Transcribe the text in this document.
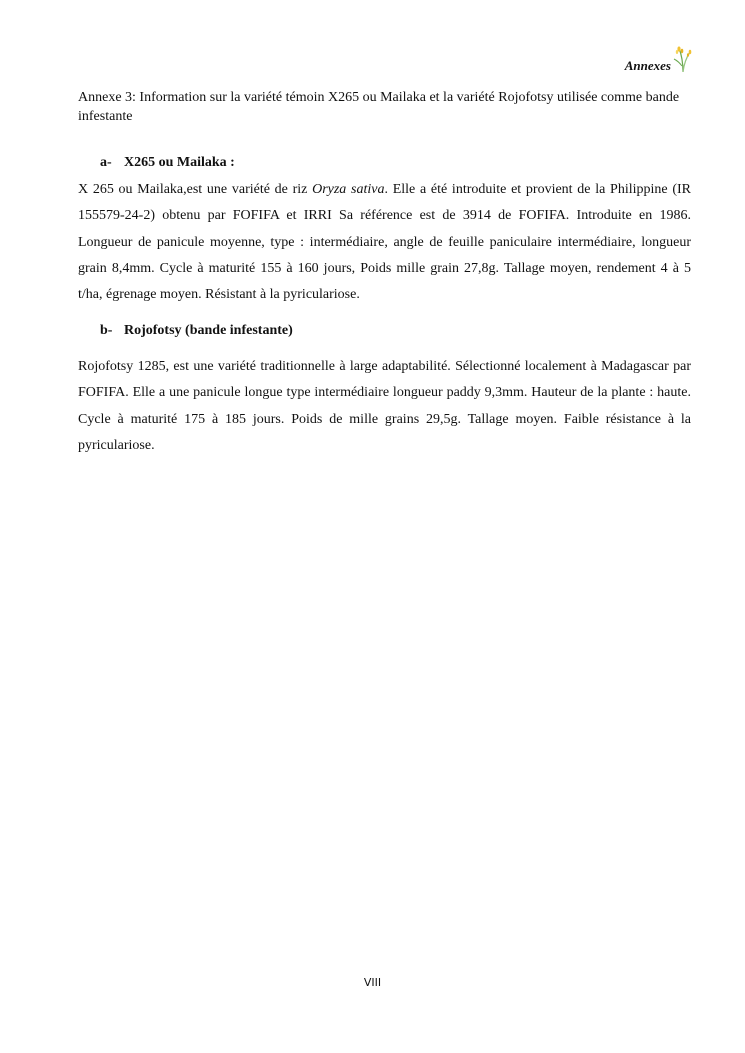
Annexes
Annexe 3: Information sur la variété témoin X265 ou Mailaka et la variété Rojofotsy utilisée comme bande infestante
a- X265 ou Mailaka :

X 265 ou Mailaka,est une variété de riz Oryza sativa. Elle a été introduite et provient de la Philippine (IR 155579-24-2) obtenu par FOFIFA et IRRI Sa référence est de 3914 de FOFIFA. Introduite en 1986. Longueur de panicule moyenne, type : intermédiaire, angle de feuille paniculaire intermédiaire, longueur grain 8,4mm. Cycle à maturité 155 à 160 jours, Poids mille grain 27,8g. Tallage moyen, rendement 4 à 5 t/ha, égrenage moyen. Résistant à la pyriculariose.

b- Rojofotsy (bande infestante)

Rojofotsy 1285, est une variété traditionnelle à large adaptabilité. Sélectionné localement à Madagascar par FOFIFA. Elle a une panicule longue type intermédiaire longueur paddy 9,3mm. Hauteur de la plante : haute. Cycle à maturité 175 à 185 jours. Poids de mille grains 29,5g. Tallage moyen. Faible résistance à la pyriculariose.

VIII
